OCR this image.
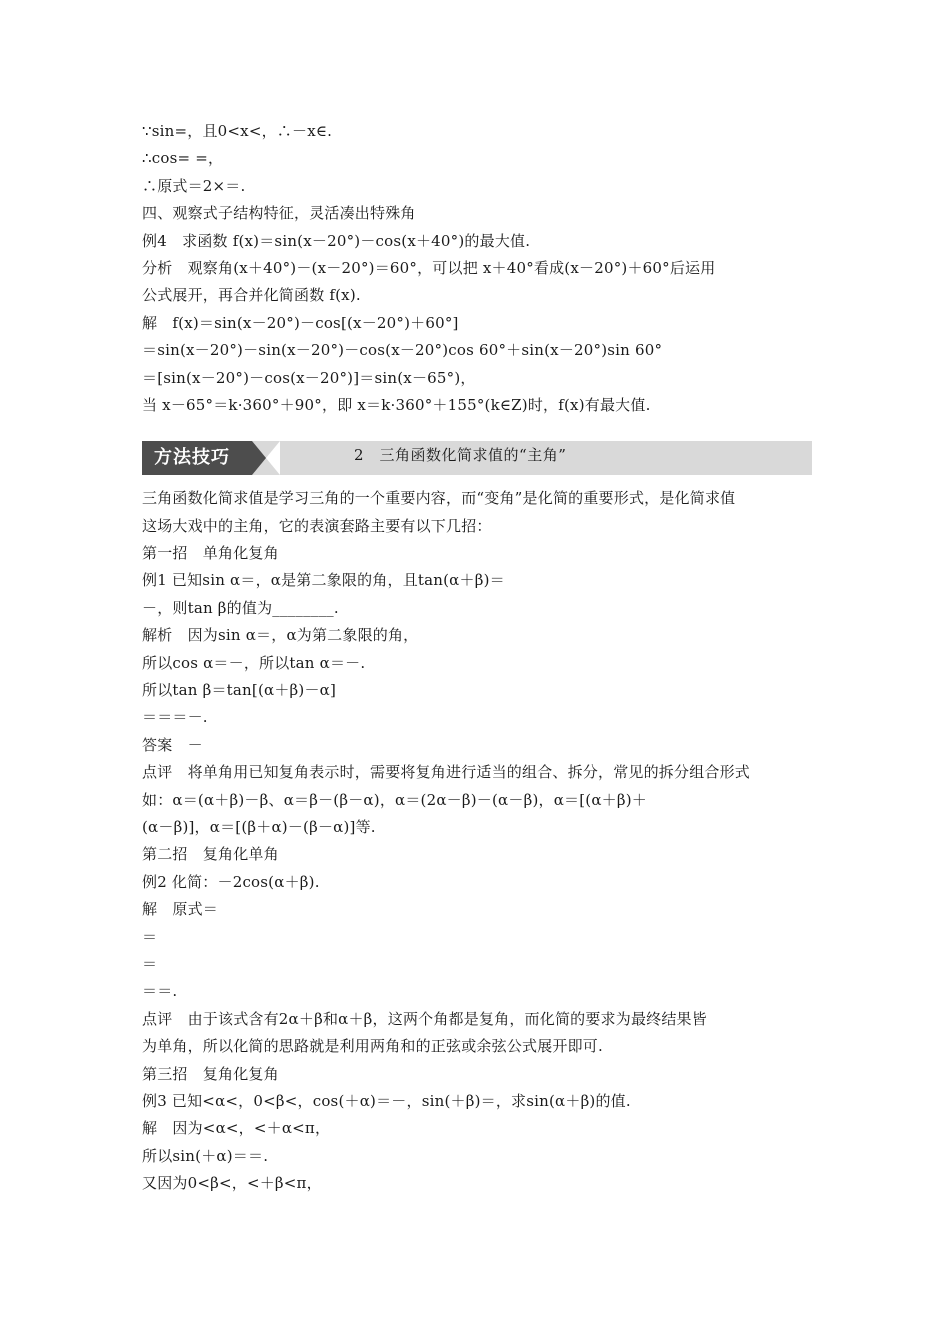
∵sin=，且0<x<，∴－x∈.
∴cos= =，
∴原式＝2×＝.
四、观察式子结构特征，灵活凑出特殊角
例4　求函数 f(x)＝sin(x－20°)－cos(x＋40°)的最大值.
分析　观察角(x＋40°)－(x－20°)＝60°，可以把 x＋40°看成(x－20°)＋60°后运用
公式展开，再合并化简函数 f(x).
解　f(x)＝sin(x－20°)－cos[(x－20°)＋60°]
＝sin(x－20°)－sin(x－20°)－cos(x－20°)cos 60°＋sin(x－20°)sin 60°
＝[sin(x－20°)－cos(x－20°)]＝sin(x－65°)，
当 x－65°＝k·360°＋90°，即 x＝k·360°＋155°(k∈Z)时，f(x)有最大值.
方法技巧	2　三角函数化简求值的“主角”
三角函数化简求值是学习三角的一个重要内容，而“变角”是化简的重要形式，是化简求值
这场大戏中的主角，它的表演套路主要有以下几招：
第一招　单角化复角
例1 已知sin α＝，α是第二象限的角，且tan(α＋β)＝
－，则tan β的值为________.
解析　因为sin α＝，α为第二象限的角，
所以cos α＝－，所以tan α＝－.
所以tan β＝tan[(α＋β)－α]
＝＝＝－.
答案　－
点评　将单角用已知复角表示时，需要将复角进行适当的组合、拆分，常见的拆分组合形式
如：α＝(α＋β)－β、α＝β－(β－α)，α＝(2α－β)－(α－β)，α＝[(α＋β)＋
(α－β)]，α＝[(β＋α)－(β－α)]等.
第二招　复角化单角
例2 化简：－2cos(α＋β).
解　原式＝
＝
＝
＝＝.
点评　由于该式含有2α＋β和α＋β，这两个角都是复角，而化简的要求为最终结果皆
为单角，所以化简的思路就是利用两角和的正弦或余弦公式展开即可.
第三招　复角化复角
例3 已知<α<，0<β<，cos(＋α)＝－，sin(＋β)＝，求sin(α＋β)的值.
解　因为<α<，<＋α<π，
所以sin(＋α)＝＝.
又因为0<β<，<＋β<π，
